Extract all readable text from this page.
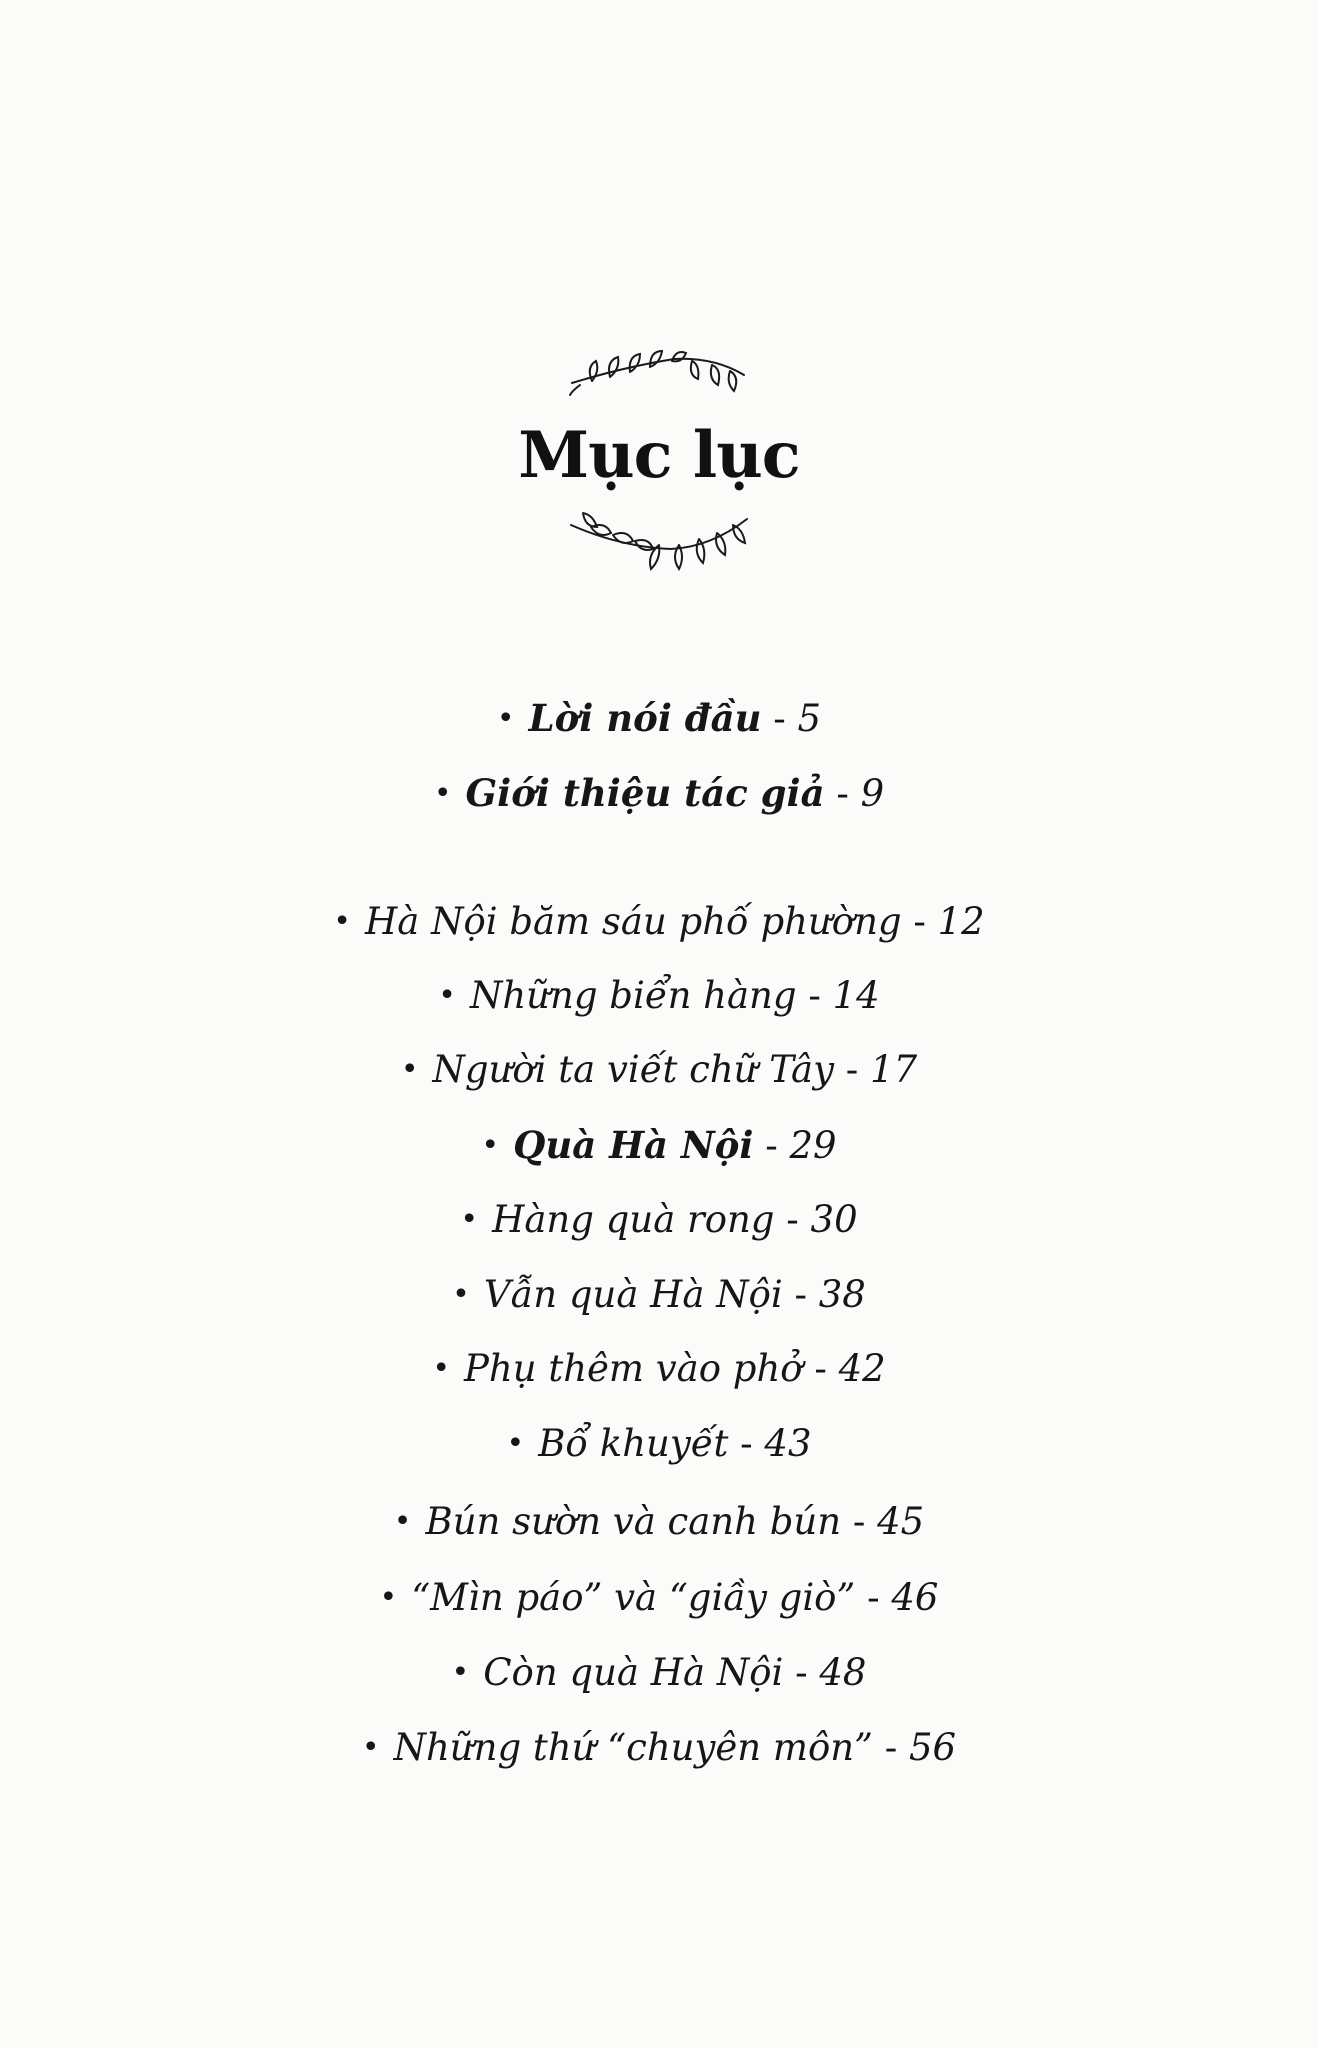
Mục lục
• Lời nói đầu - 5
• Giới thiệu tác giả - 9
• Hà Nội băm sáu phố phường - 12
• Những biển hàng - 14
• Người ta viết chữ Tây - 17
• Quà Hà Nội - 29
• Hàng quà rong - 30
• Vẫn quà Hà Nội - 38
• Phụ thêm vào phở - 42
• Bổ khuyết - 43
• Bún sườn và canh bún - 45
• “Mìn páo” và “giầy giò” - 46
• Còn quà Hà Nội - 48
• Những thứ “chuyên môn” - 56
